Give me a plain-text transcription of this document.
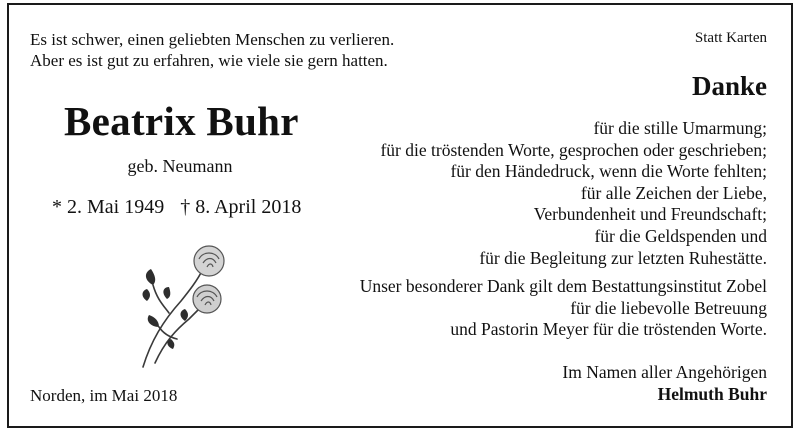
Es ist schwer, einen geliebten Menschen zu verlieren.
Aber es ist gut zu erfahren, wie viele sie gern hatten.
Statt Karten
Danke
Beatrix Buhr
geb. Neumann
* 2. Mai 1949 † 8. April 2018
Norden, im Mai 2018
für die stille Umarmung;
für die tröstenden Worte, gesprochen oder geschrieben;
für den Händedruck, wenn die Worte fehlten;
für alle Zeichen der Liebe,
Verbundenheit und Freundschaft;
für die Geldspenden und
für die Begleitung zur letzten Ruhestätte.
Unser besonderer Dank gilt dem Bestattungsinstitut Zobel
für die liebevolle Betreuung
und Pastorin Meyer für die tröstenden Worte.
Im Namen aller Angehörigen
Helmuth Buhr
